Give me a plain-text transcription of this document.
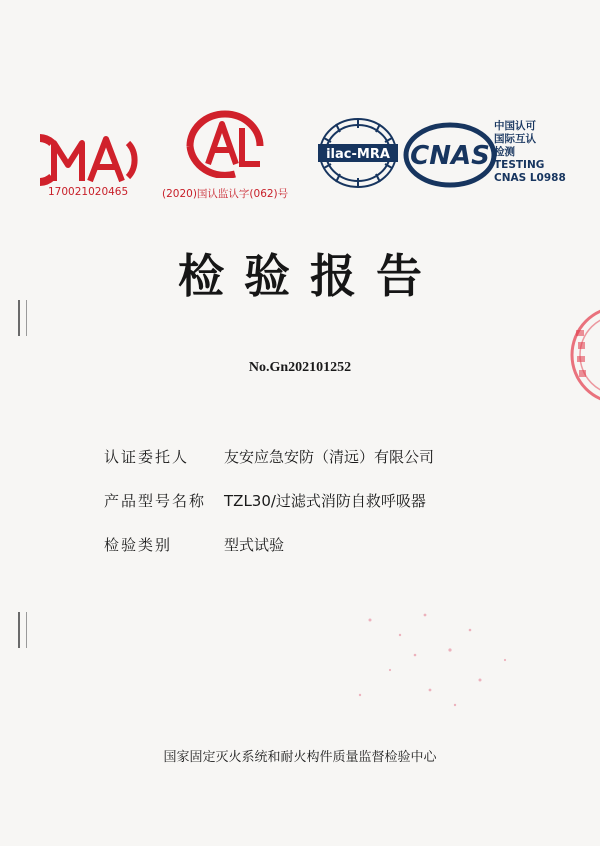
ilac-MRA CNAS
中国认可
国际互认
检测
TESTING
CNAS L0988
170021020465	(2020)国认监认字(062)号
检验报告
No.Gn202101252
认证委托人	友安应急安防（清远）有限公司
产品型号名称	TZL30/过滤式消防自救呼吸器
检验类别	型式试验
国家固定灭火系统和耐火构件质量监督检验中心
